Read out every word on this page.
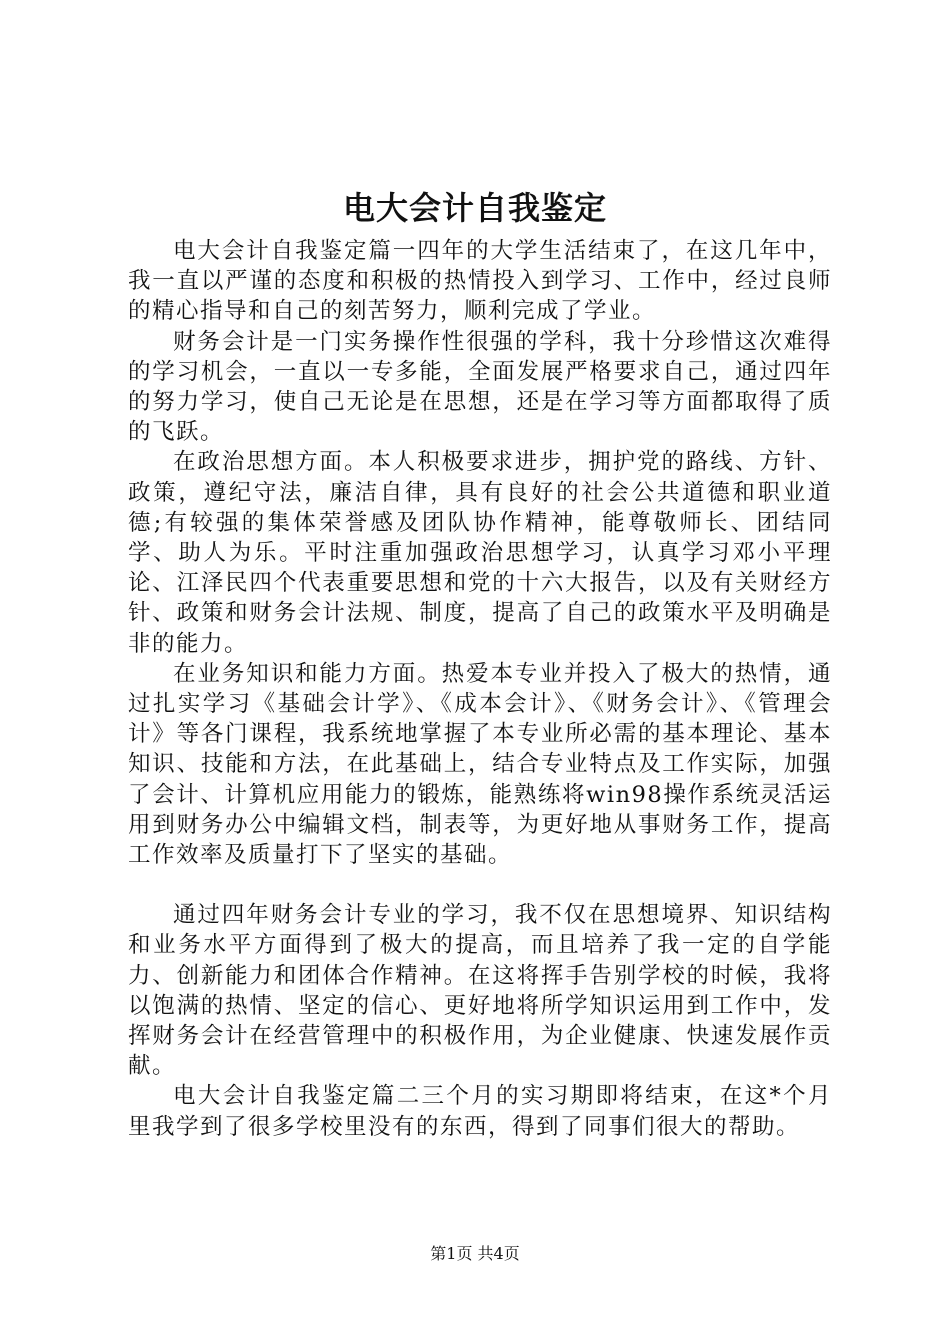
电大会计自我鉴定

电大会计自我鉴定篇一四年的大学生活结束了，在这几年中，我一直以严谨的态度和积极的热情投入到学习、工作中，经过良师的精心指导和自己的刻苦努力，顺利完成了学业。

财务会计是一门实务操作性很强的学科，我十分珍惜这次难得的学习机会，一直以一专多能，全面发展严格要求自己，通过四年的努力学习，使自己无论是在思想，还是在学习等方面都取得了质的飞跃。

在政治思想方面。本人积极要求进步，拥护党的路线、方针、政策，遵纪守法，廉洁自律，具有良好的社会公共道德和职业道德;有较强的集体荣誉感及团队协作精神，能尊敬师长、团结同学、助人为乐。平时注重加强政治思想学习，认真学习邓小平理论、江泽民四个代表重要思想和党的十六大报告，以及有关财经方针、政策和财务会计法规、制度，提高了自己的政策水平及明确是非的能力。

在业务知识和能力方面。热爱本专业并投入了极大的热情，通过扎实学习《基础会计学》、《成本会计》、《财务会计》、《管理会计》等各门课程，我系统地掌握了本专业所必需的基本理论、基本知识、技能和方法，在此基础上，结合专业特点及工作实际，加强了会计、计算机应用能力的锻炼，能熟练将win98操作系统灵活运用到财务办公中编辑文档，制表等，为更好地从事财务工作，提高工作效率及质量打下了坚实的基础。

通过四年财务会计专业的学习，我不仅在思想境界、知识结构和业务水平方面得到了极大的提高，而且培养了我一定的自学能力、创新能力和团体合作精神。在这将挥手告别学校的时候，我将以饱满的热情、坚定的信心、更好地将所学知识运用到工作中，发挥财务会计在经营管理中的积极作用，为企业健康、快速发展作贡献。

电大会计自我鉴定篇二三个月的实习期即将结束，在这*个月里我学到了很多学校里没有的东西，得到了同事们很大的帮助。

第1页 共4页
